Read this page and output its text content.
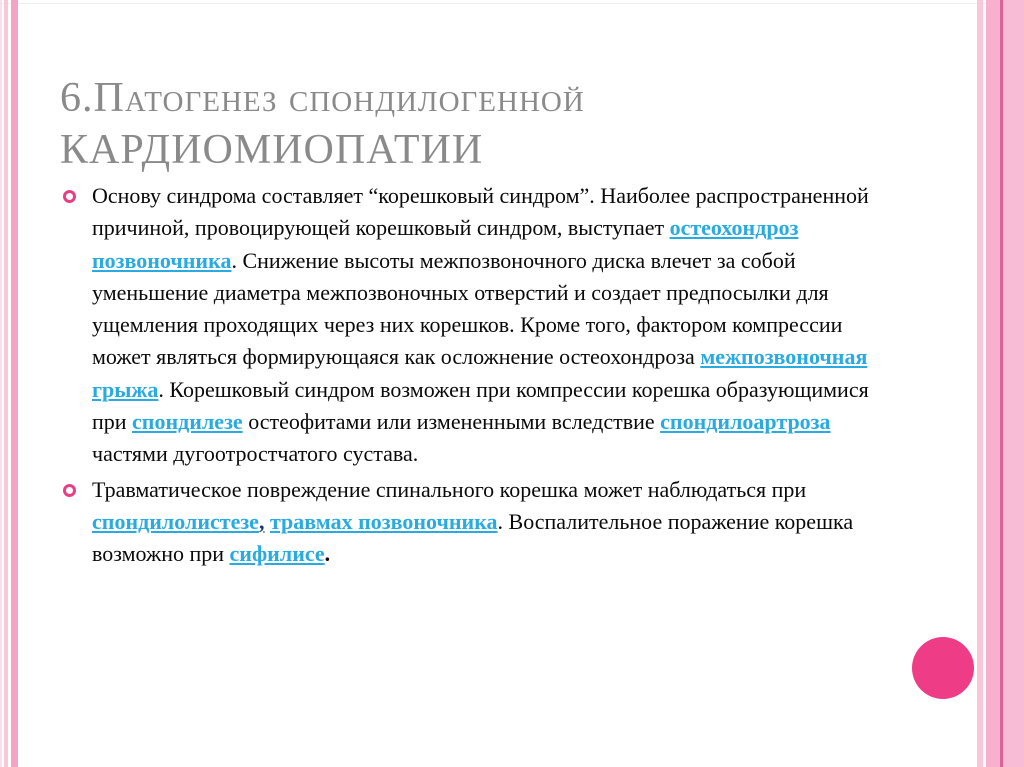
6.Патогенез спондилогенной
КАРДИОМИОПАТИИ
Основу синдрома составляет “корешковый синдром”. Наиболее распространенной причиной, провоцирующей корешковый синдром, выступает остеохондроз позвоночника. Снижение высоты межпозвоночного диска влечет за собой уменьшение диаметра межпозвоночных отверстий и создает предпосылки для ущемления проходящих через них корешков. Кроме того, фактором компрессии может являться формирующаяся как осложнение остеохондроза межпозвоночная грыжа. Корешковый синдром возможен при компрессии корешка образующимися при спондилезе остеофитами или измененными вследствие спондилоартроза частями дугоотростчатого сустава.
Травматическое повреждение спинального корешка может наблюдаться при спондилолистезе, травмах позвоночника. Воспалительное поражение корешка возможно при сифилисе.
